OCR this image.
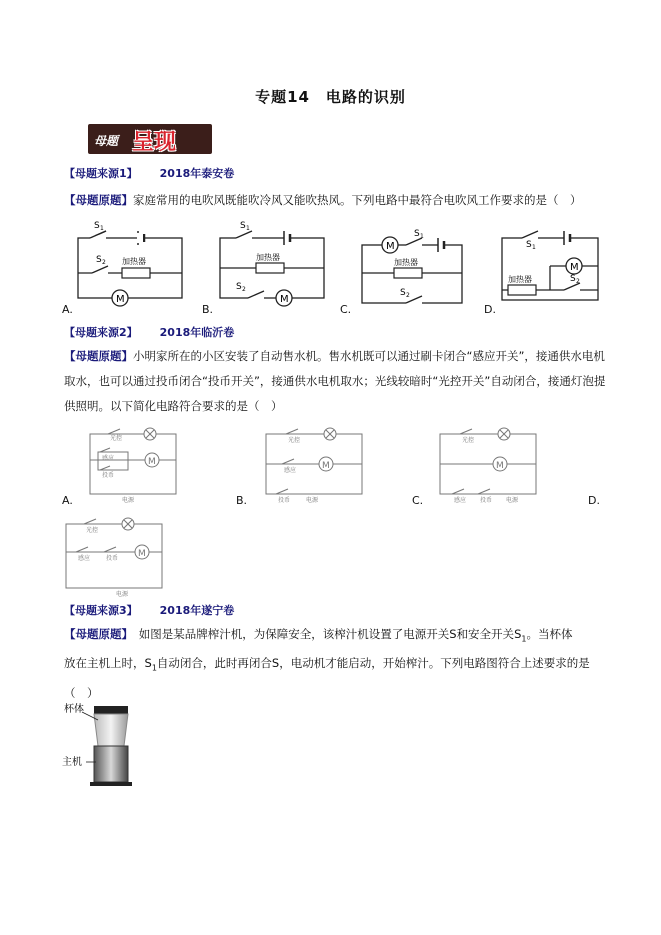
专题14　电路的识别
母题 呈现
【母题来源1】 2018年泰安卷
【母题原题】家庭常用的电吹风既能吹冷风又能吹热风。下列电路中最符合电吹风工作要求的是（　）
加热器
S 1
S 2
M
加热器
S 1
S 2
M
加热器
M
S 1
S 2
加热器
S 1
M
S 2
A.	B.	C.	D.
【母题来源2】 2018年临沂卷
【母题原题】小明家所在的小区安装了自动售水机。售水机既可以通过刷卡闭合“感应开关”，接通供水电机
取水，也可以通过投币闭合“投币开关”，接通供水电机取水；光线较暗时“光控开关”自动闭合，接通灯泡提
供照明。以下简化电路符合要求的是（　）
光控
感应
投币
M
电源
光控
感应	M
投币	电源
光控
M
感应 投币 电源
光控
感应	投币 M
电源
A.	B.	C.	D.
【母题来源3】 2018年遂宁卷
【母题原题】　 如图是某品牌榨汁机，为保障安全，该榨汁机设置了电源开关S和安全开关$S_1$。当杯体
放在主机上时，$S_1$自动闭合，此时再闭合S，电动机才能启动，开始榨汁。下列电路图符合上述要求的是
（　）
杯体
主机
